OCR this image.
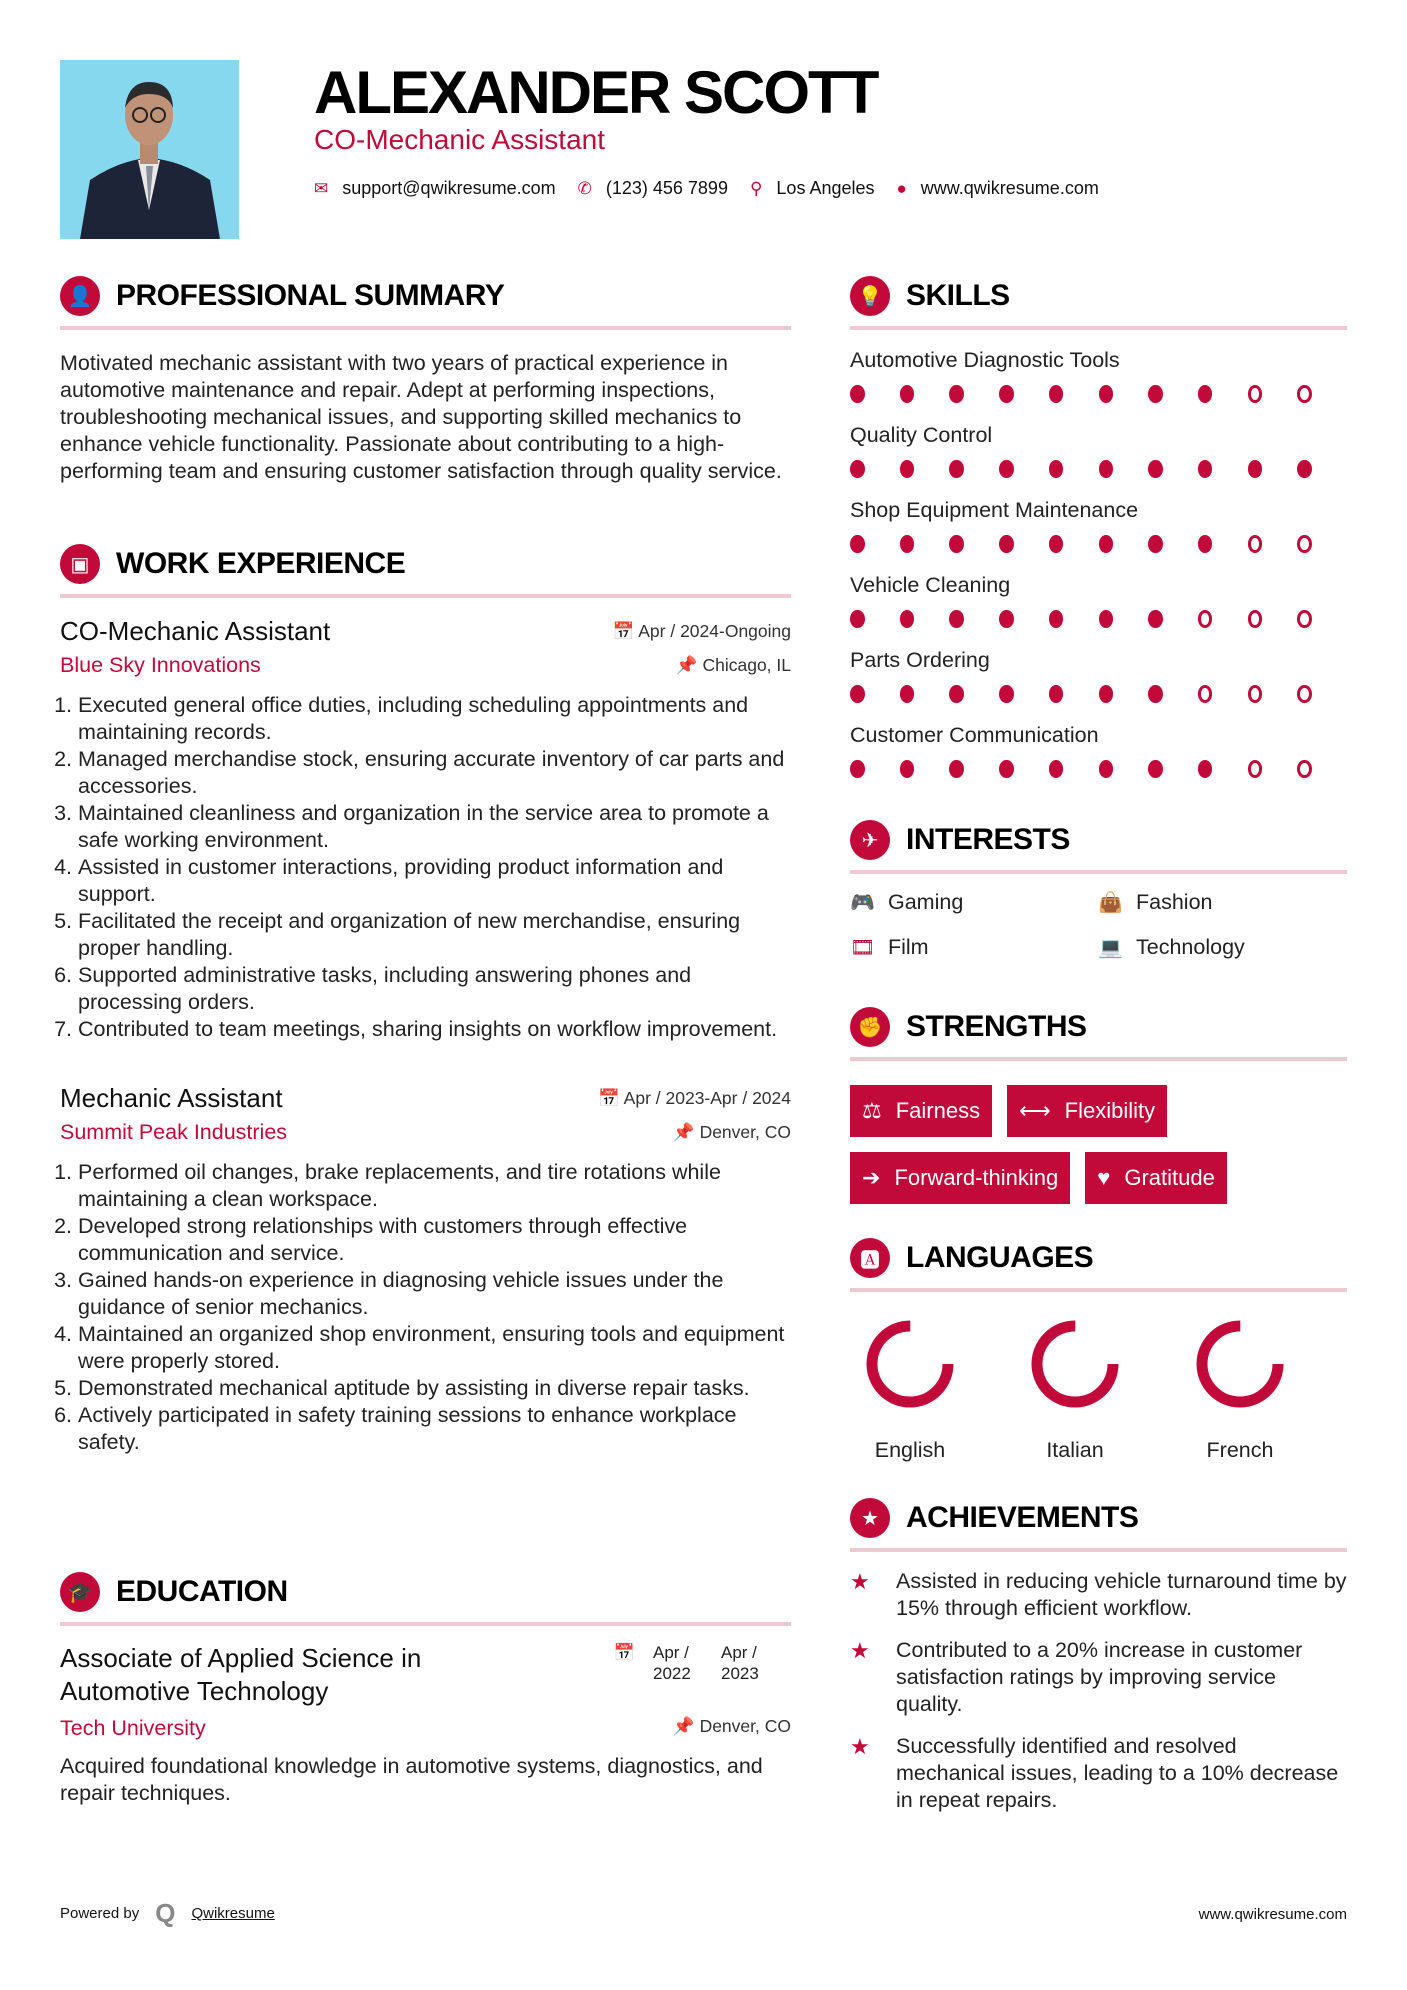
ALEXANDER SCOTT
CO-Mechanic Assistant
✉ support@qwikresume.com ✆ (123) 456 7899 ⚲ Los Angeles ● www.qwikresume.com
👤 PROFESSIONAL SUMMARY
Motivated mechanic assistant with two years of practical experience in automotive maintenance and repair. Adept at performing inspections, troubleshooting mechanical issues, and supporting skilled mechanics to enhance vehicle functionality. Passionate about contributing to a high-performing team and ensuring customer satisfaction through quality service.
▣ WORK EXPERIENCE
CO-Mechanic Assistant	📅 Apr / 2024-Ongoing
Blue Sky Innovations	📌 Chicago, IL
1. Executed general office duties, including scheduling appointments and maintaining records.
2. Managed merchandise stock, ensuring accurate inventory of car parts and accessories.
3. Maintained cleanliness and organization in the service area to promote a safe working environment.
4. Assisted in customer interactions, providing product information and support.
5. Facilitated the receipt and organization of new merchandise, ensuring proper handling.
6. Supported administrative tasks, including answering phones and processing orders.
7. Contributed to team meetings, sharing insights on workflow improvement.
Mechanic Assistant	📅 Apr / 2023-Apr / 2024
Summit Peak Industries	📌 Denver, CO
1. Performed oil changes, brake replacements, and tire rotations while maintaining a clean workspace.
2. Developed strong relationships with customers through effective communication and service.
3. Gained hands-on experience in diagnosing vehicle issues under the guidance of senior mechanics.
4. Maintained an organized shop environment, ensuring tools and equipment were properly stored.
5. Demonstrated mechanical aptitude by assisting in diverse repair tasks.
6. Actively participated in safety training sessions to enhance workplace safety.
🎓 EDUCATION
Associate of Applied Science in Automotive Technology
📅 Apr / 2022
Apr / 2023
Tech University	📌 Denver, CO
Acquired foundational knowledge in automotive systems, diagnostics, and repair techniques.
💡 SKILLS
Automotive Diagnostic Tools
Quality Control
Shop Equipment Maintenance
Vehicle Cleaning
Parts Ordering
Customer Communication
✈ INTERESTS
🎮 Gaming	👜 Fashion
🎞 Film	💻 Technology
✊ STRENGTHS
⚖ Fairness ⟷ Flexibility
➔ Forward-thinking ♥ Gratitude
🅰 LANGUAGES
English	Italian	French
★ ACHIEVEMENTS
★	Assisted in reducing vehicle turnaround time by 15% through efficient workflow.
★	Contributed to a 20% increase in customer satisfaction ratings by improving service quality.
★	Successfully identified and resolved mechanical issues, leading to a 10% decrease in repeat repairs.
Powered by Q Qwikresume	www.qwikresume.com
